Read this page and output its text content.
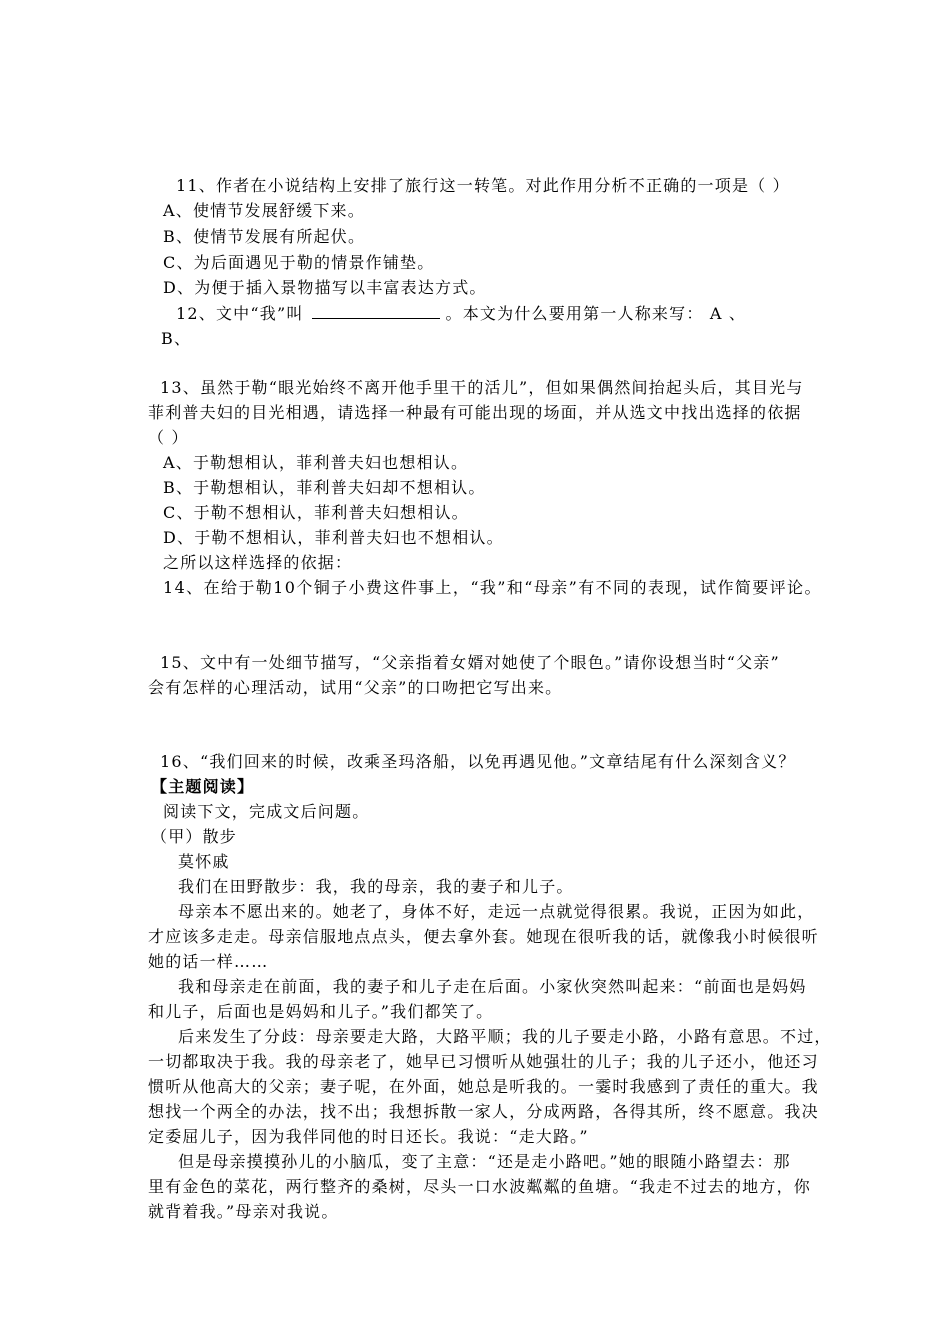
11、作者在小说结构上安排了旅行这一转笔。对此作用分析不正确的一项是（ ）
A、使情节发展舒缓下来。
B、使情节发展有所起伏。
C、为后面遇见于勒的情景作铺垫。
D、为便于插入景物描写以丰富表达方式。
12、文中“我”叫	。本文为什么要用第一人称来写： A 、
B、
13、虽然于勒“眼光始终不离开他手里干的活儿”，但如果偶然间抬起头后，其目光与
菲利普夫妇的目光相遇，请选择一种最有可能出现的场面，并从选文中找出选择的依据
（ ）
A、于勒想相认，菲利普夫妇也想相认。
B、于勒想相认，菲利普夫妇却不想相认。
C、于勒不想相认，菲利普夫妇想相认。
D、于勒不想相认，菲利普夫妇也不想相认。
之所以这样选择的依据：
14、在给于勒10个铜子小费这件事上，“我”和“母亲”有不同的表现，试作简要评论。
15、文中有一处细节描写，“父亲指着女婿对她使了个眼色。”请你设想当时“父亲”
会有怎样的心理活动，试用“父亲”的口吻把它写出来。
16、“我们回来的时候，改乘圣玛洛船，以免再遇见他。”文章结尾有什么深刻含义？
【主题阅读】
阅读下文，完成文后问题。
（甲）散步
莫怀戚
我们在田野散步：我，我的母亲，我的妻子和儿子。
母亲本不愿出来的。她老了，身体不好，走远一点就觉得很累。我说，正因为如此，
才应该多走走。母亲信服地点点头，便去拿外套。她现在很听我的话，就像我小时候很听
她的话一样……
我和母亲走在前面，我的妻子和儿子走在后面。小家伙突然叫起来：“前面也是妈妈
和儿子，后面也是妈妈和儿子。”我们都笑了。
后来发生了分歧：母亲要走大路，大路平顺；我的儿子要走小路，小路有意思。不过，
一切都取决于我。我的母亲老了，她早已习惯听从她强壮的儿子；我的儿子还小，他还习
惯听从他高大的父亲；妻子呢，在外面，她总是听我的。一霎时我感到了责任的重大。我
想找一个两全的办法，找不出；我想拆散一家人，分成两路，各得其所，终不愿意。我决
定委屈儿子，因为我伴同他的时日还长。我说：“走大路。”
但是母亲摸摸孙儿的小脑瓜，变了主意：“还是走小路吧。”她的眼随小路望去：那
里有金色的菜花，两行整齐的桑树，尽头一口水波粼粼的鱼塘。“我走不过去的地方，你
就背着我。”母亲对我说。
